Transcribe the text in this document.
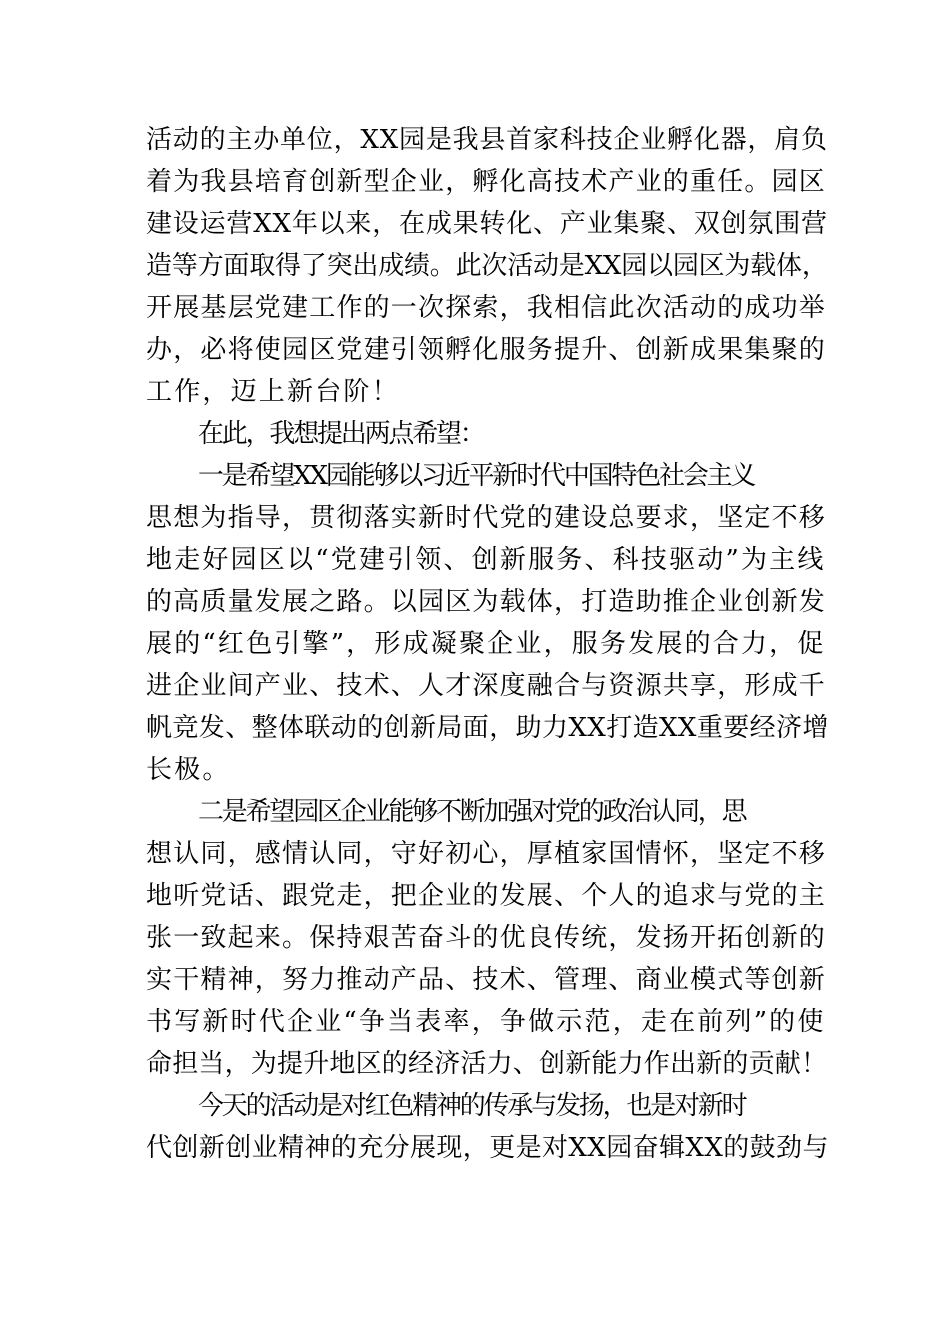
活动的主办单位，XX园是我县首家科技企业孵化器，肩负
着为我县培育创新型企业，孵化高技术产业的重任。园区
建设运营XX年以来，在成果转化、产业集聚、双创氛围营
造等方面取得了突出成绩。此次活动是XX园以园区为载体，
开展基层党建工作的一次探索，我相信此次活动的成功举
办，必将使园区党建引领孵化服务提升、创新成果集聚的
工作，迈上新台阶！
在此，我想提出两点希望：
一是希望XX园能够以习近平新时代中国特色社会主义
思想为指导，贯彻落实新时代党的建设总要求，坚定不移
地走好园区以“党建引领、创新服务、科技驱动”为主线
的高质量发展之路。以园区为载体，打造助推企业创新发
展的“红色引擎”，形成凝聚企业，服务发展的合力，促
进企业间产业、技术、人才深度融合与资源共享，形成千
帆竞发、整体联动的创新局面，助力XX打造XX重要经济增
长极。
二是希望园区企业能够不断加强对党的政治认同，思
想认同，感情认同，守好初心，厚植家国情怀，坚定不移
地听党话、跟党走，把企业的发展、个人的追求与党的主
张一致起来。保持艰苦奋斗的优良传统，发扬开拓创新的
实干精神，努力推动产品、技术、管理、商业模式等创新
书写新时代企业“争当表率，争做示范，走在前列”的使
命担当，为提升地区的经济活力、创新能力作出新的贡献！
今天的活动是对红色精神的传承与发扬，也是对新时
代创新创业精神的充分展现，更是对XX园奋辑XX的鼓劲与
